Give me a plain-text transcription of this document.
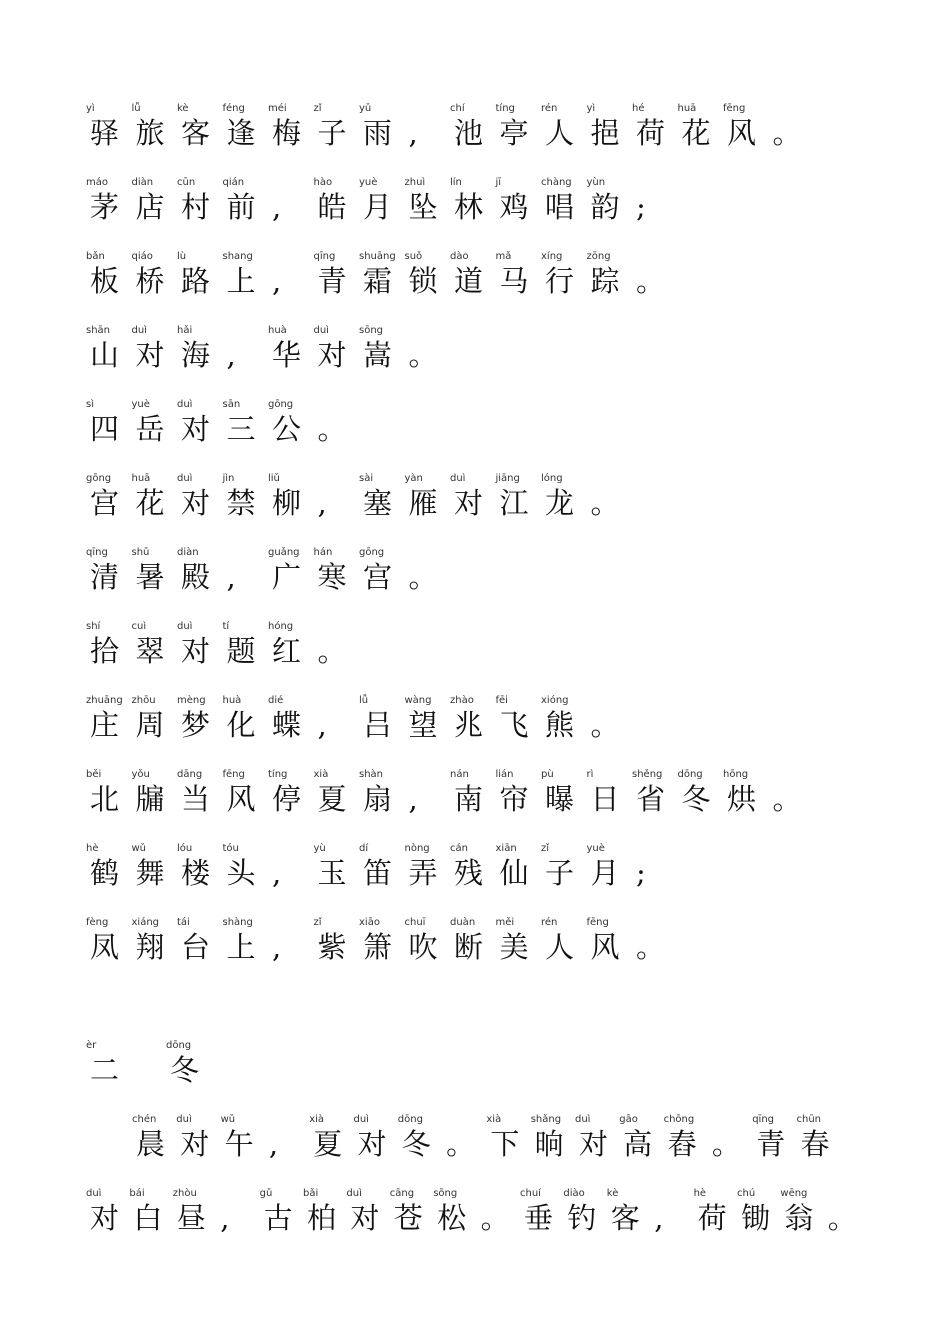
yì
驿
lǚ
旅
kè
客
féng
逢
méi
梅
zǐ
子
yǔ
雨 ,
chí
池
tíng
亭
rén
人
yì
挹
hé
荷
huā
花
fēng
风 。
máo
茅
diàn
店
cūn
村
qián
前 ,
hào
皓
yuè
月
zhuì
坠
lín
林
jī
鸡
chàng
唱
yùn
韵 ;
bǎn
板
qiáo
桥
lù
路
shang
上 ,
qīng
青
shuāng
霜
suǒ
锁
dào
道
mǎ
马
xíng
行
zōng
踪 。
shān
山
duì
对
hǎi
海 ,
huà
华
duì
对
sōng
嵩 。
sì
四
yuè
岳
duì
对
sān
三
gōng
公 。
gōng
宫
huā
花
duì
对
jìn
禁
liǔ
柳 ,
sài
塞
yàn
雁
duì
对
jiāng
江
lóng
龙 。
qīng
清
shǔ
暑
diàn
殿 ,
guǎng
广
hán
寒
gōng
宫 。
shí
拾
cuì
翠
duì
对
tí
题
hóng
红 。
zhuāng
庄
zhōu
周
mèng
梦
huà
化
dié
蝶 ,
lǚ
吕
wàng
望
zhào
兆
fēi
飞
xióng
熊 。
běi
北
yǒu
牖
dāng
当
fēng
风
tíng
停
xià
夏
shàn
扇 ,
nán
南
lián
帘
pù
曝
rì
日
shěng
省
dōng
冬
hōng
烘 。
hè
鹤
wǔ
舞
lóu
楼
tóu
头 ,
yù
玉
dí
笛
nòng
弄
cán
残
xiān
仙
zǐ
子
yuè
月 ;
fèng
凤
xiáng
翔
tái
台
shàng
上 ,
zǐ
紫
xiāo
箫
chuī
吹
duàn
断
měi
美
rén
人
fēng
风 。
èr
二
dōng
冬
chén
晨
duì
对
wǔ
午 ,
xià
夏
duì
对
dōng
冬 。
xià
下
shǎng
晌
duì
对
gāo
高
chōng
舂 。
qīng
青
chūn
春
duì
对
bái
白
zhòu
昼 ,
gǔ
古
bǎi
柏
duì
对
cāng
苍
sōng
松 。
chuí
垂
diào
钓
kè
客 ,
hè
荷
chú
锄
wēng
翁 。
